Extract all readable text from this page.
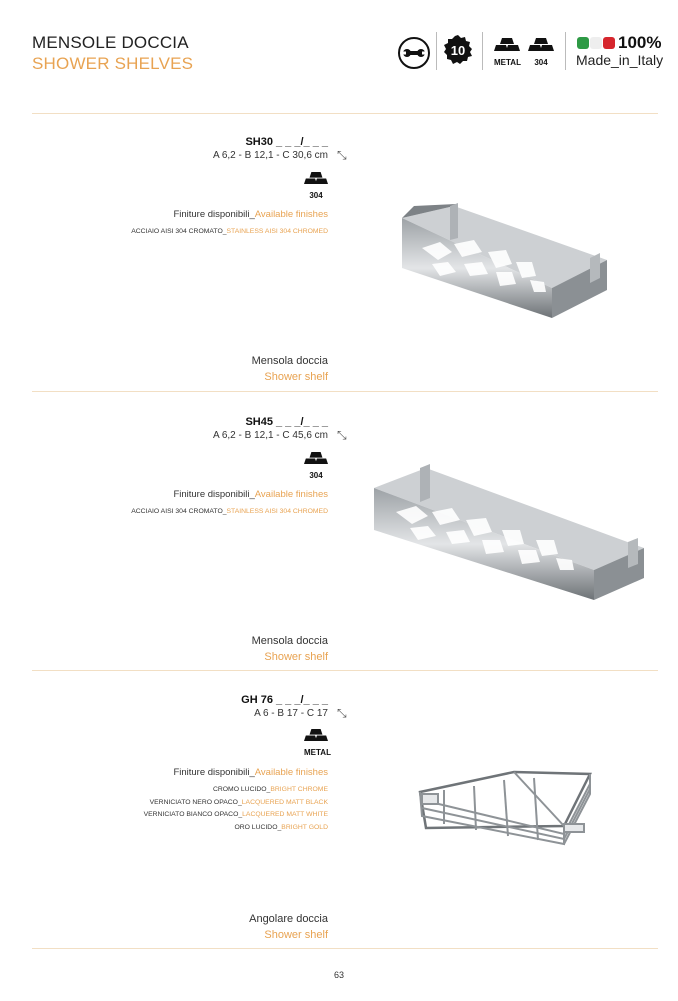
MENSOLE DOCCIA
SHOWER SHELVES
10
METAL	304
100%
Made_in_Italy
SH30 _ _ _/_ _ _
A 6,2 - B 12,1 - C 30,6 cm ⤡
304
Finiture disponibili_Available finishes
ACCIAIO AISI 304 CROMATO_STAINLESS AISI 304 CHROMED
Mensola doccia
Shower shelf
SH45 _ _ _/_ _ _
A 6,2 - B 12,1 - C 45,6 cm ⤡
304
Finiture disponibili_Available finishes
ACCIAIO AISI 304 CROMATO_STAINLESS AISI 304 CHROMED
Mensola doccia
Shower shelf
GH 76 _ _ _/_ _ _
A 6 - B 17 - C 17 ⤡
METAL
Finiture disponibili_Available finishes
CROMO LUCIDO_BRIGHT CHROME
VERNICIATO NERO OPACO_LACQUERED MATT BLACK
VERNICIATO BIANCO OPACO_LACQUERED MATT WHITE
ORO LUCIDO_BRIGHT GOLD
Angolare doccia
Shower shelf
63
